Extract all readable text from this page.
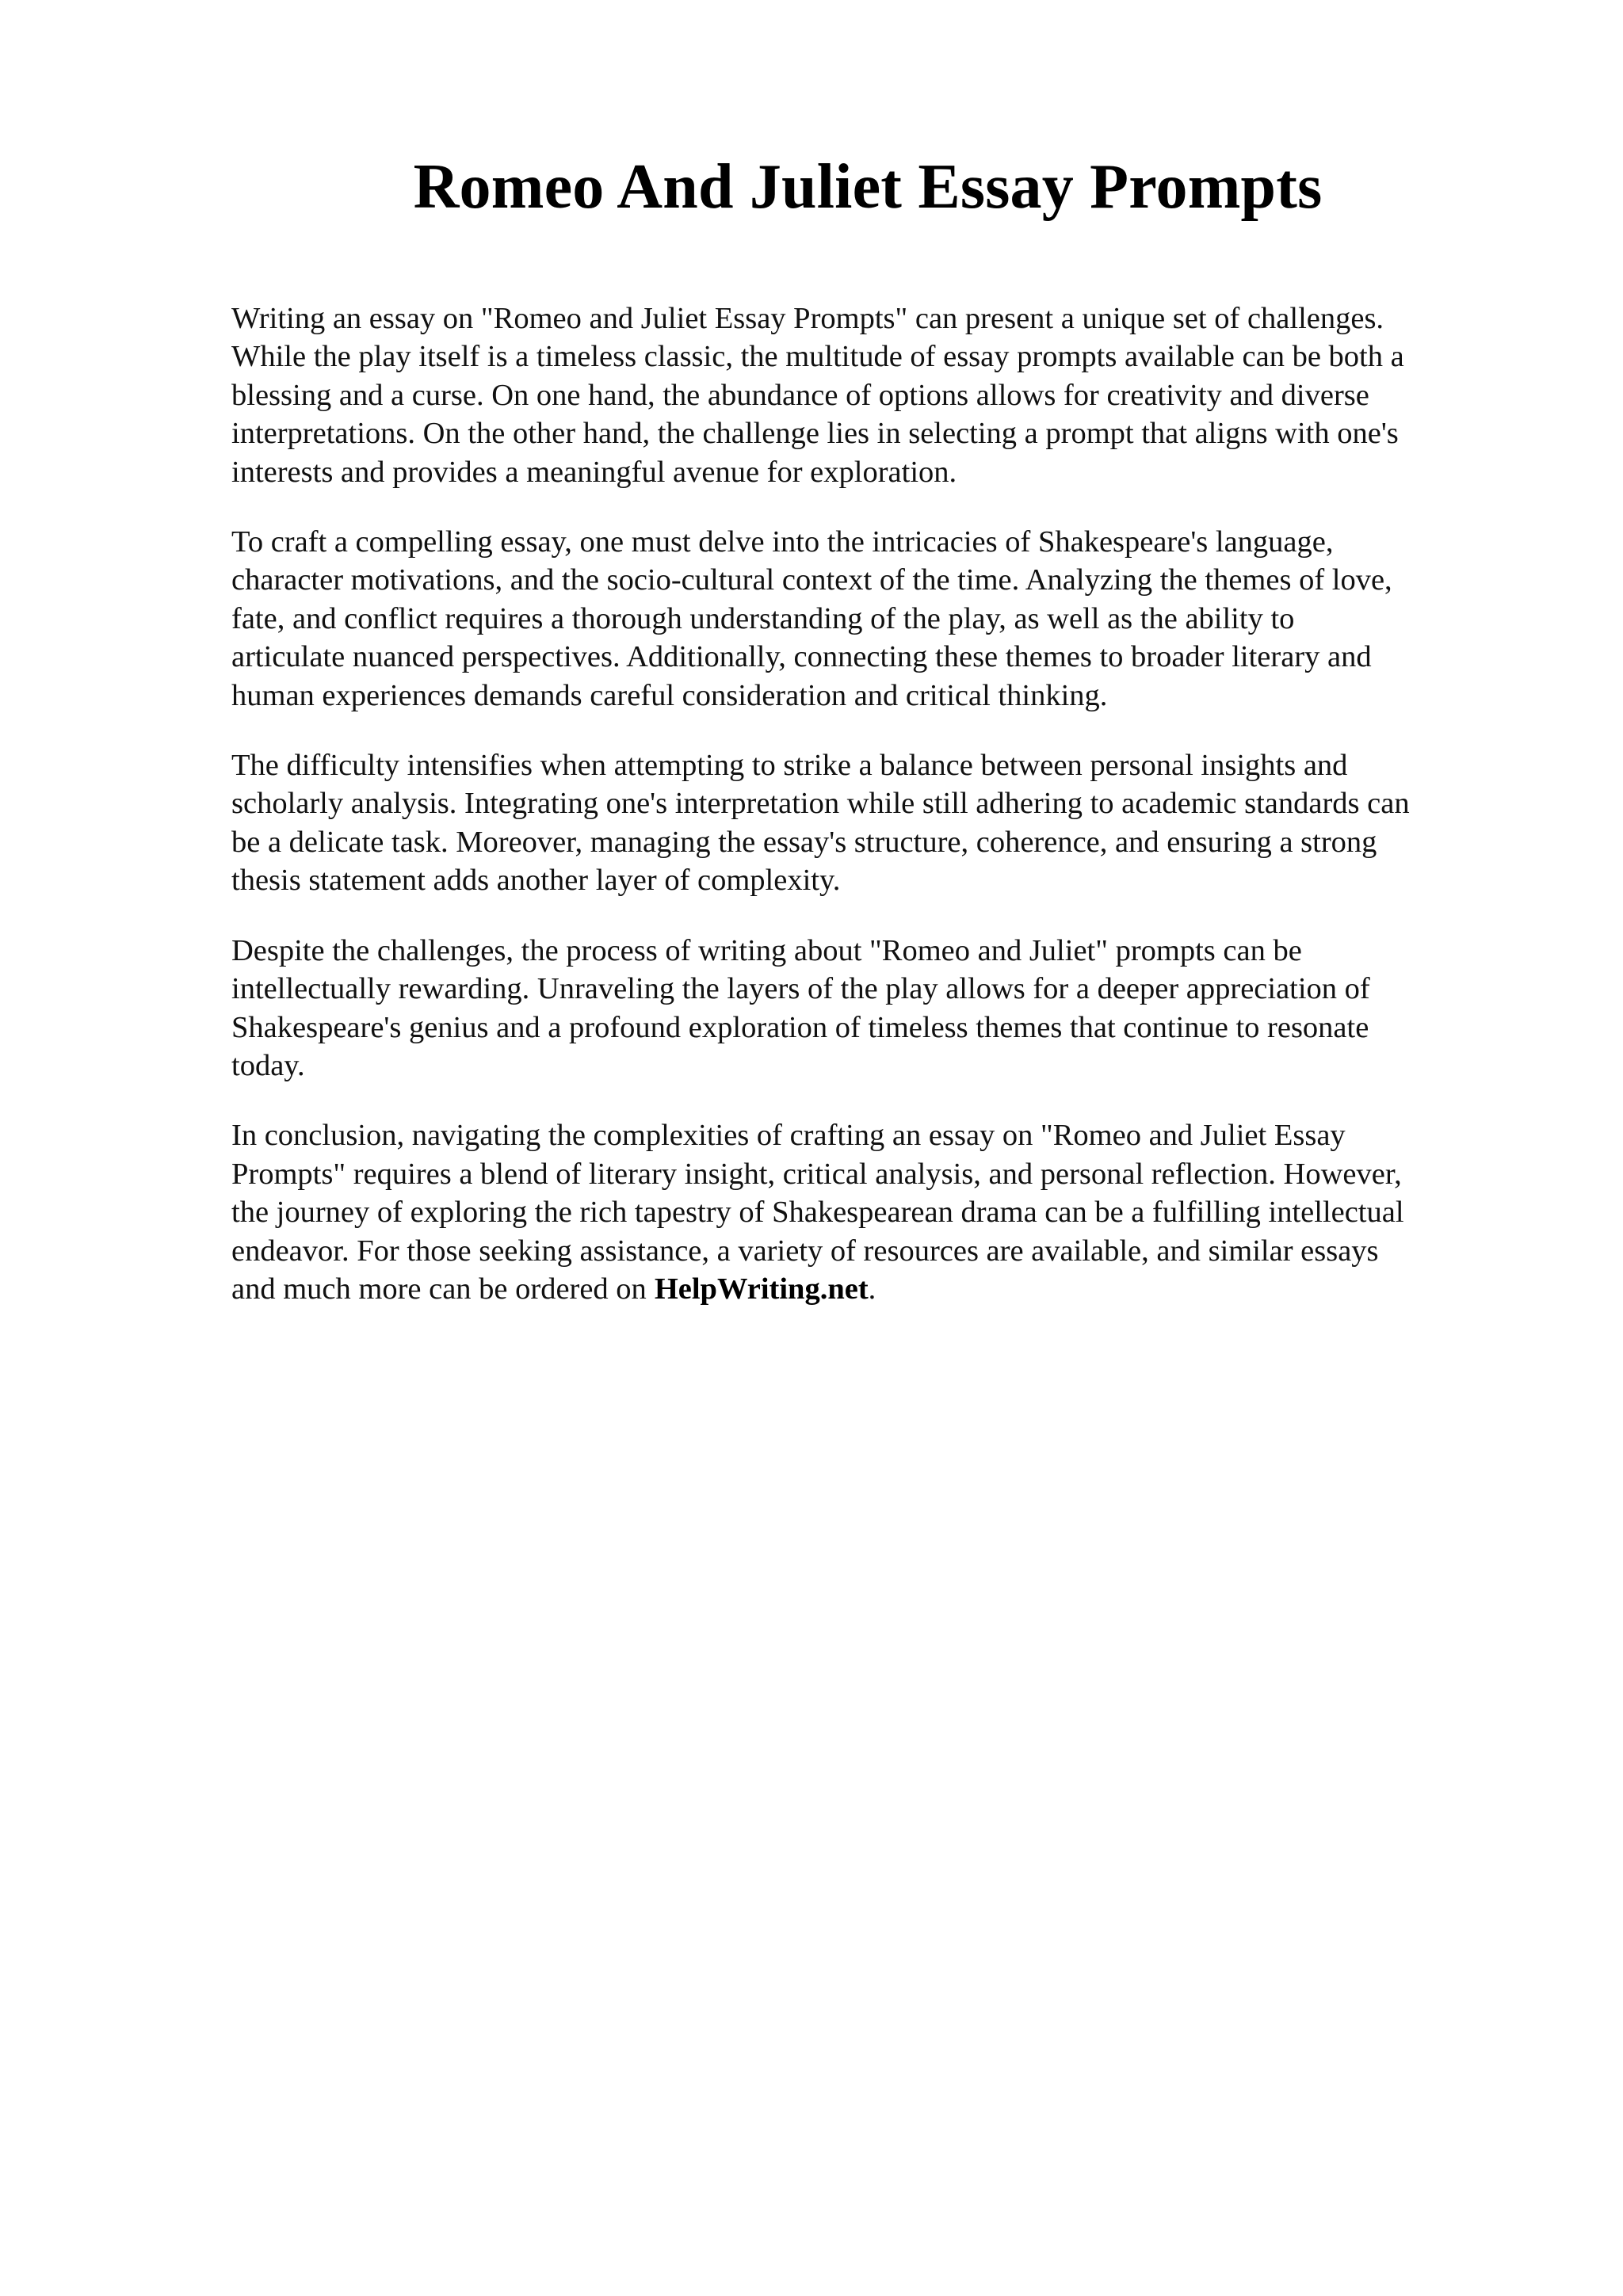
Romeo And Juliet Essay Prompts

Writing an essay on "Romeo and Juliet Essay Prompts" can present a unique set of challenges.
While the play itself is a timeless classic, the multitude of essay prompts available can be both a
blessing and a curse. On one hand, the abundance of options allows for creativity and diverse
interpretations. On the other hand, the challenge lies in selecting a prompt that aligns with one's
interests and provides a meaningful avenue for exploration.

To craft a compelling essay, one must delve into the intricacies of Shakespeare's language,
character motivations, and the socio-cultural context of the time. Analyzing the themes of love,
fate, and conflict requires a thorough understanding of the play, as well as the ability to
articulate nuanced perspectives. Additionally, connecting these themes to broader literary and
human experiences demands careful consideration and critical thinking.

The difficulty intensifies when attempting to strike a balance between personal insights and
scholarly analysis. Integrating one's interpretation while still adhering to academic standards can
be a delicate task. Moreover, managing the essay's structure, coherence, and ensuring a strong
thesis statement adds another layer of complexity.

Despite the challenges, the process of writing about "Romeo and Juliet" prompts can be
intellectually rewarding. Unraveling the layers of the play allows for a deeper appreciation of
Shakespeare's genius and a profound exploration of timeless themes that continue to resonate
today.

In conclusion, navigating the complexities of crafting an essay on "Romeo and Juliet Essay
Prompts" requires a blend of literary insight, critical analysis, and personal reflection. However,
the journey of exploring the rich tapestry of Shakespearean drama can be a fulfilling intellectual
endeavor. For those seeking assistance, a variety of resources are available, and similar essays
and much more can be ordered on HelpWriting.net.
